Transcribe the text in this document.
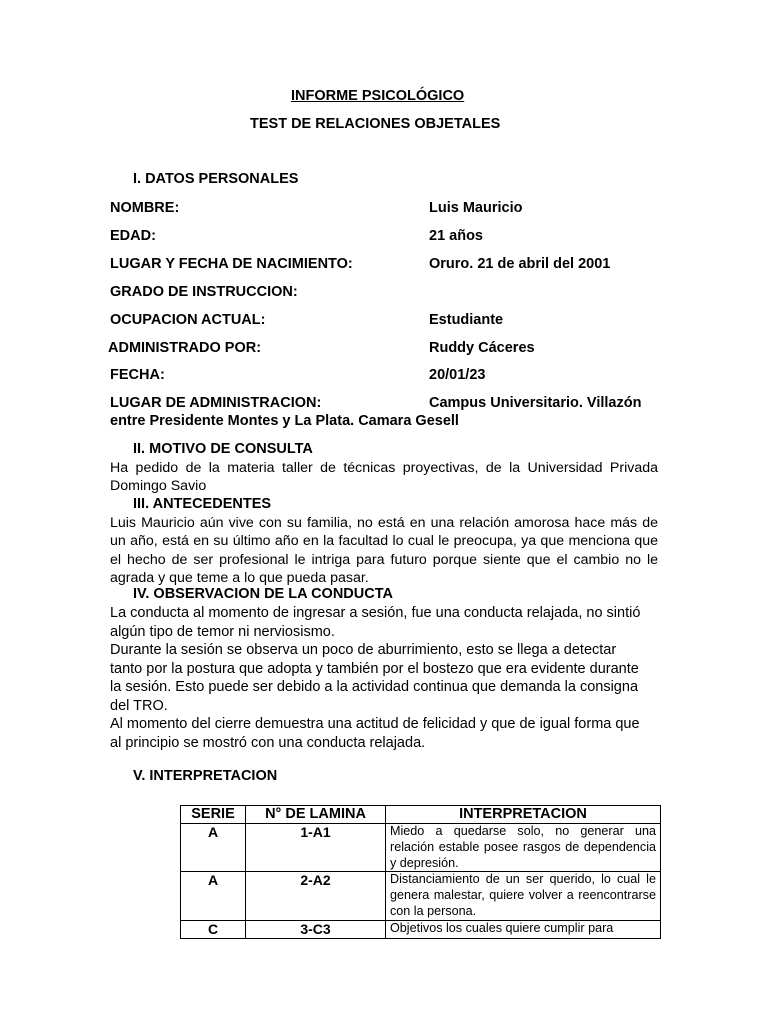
INFORME PSICOLÓGICO
TEST DE RELACIONES OBJETALES
I. DATOS PERSONALES
NOMBRE:	Luis Mauricio
EDAD:	21 años
LUGAR Y FECHA DE NACIMIENTO:	Oruro. 21 de abril del 2001
GRADO DE INSTRUCCION:
OCUPACION ACTUAL:	Estudiante
ADMINISTRADO POR:	Ruddy Cáceres
FECHA:	20/01/23
LUGAR DE ADMINISTRACION:	Campus Universitario. Villazón
entre Presidente Montes y La Plata. Camara Gesell
II. MOTIVO DE CONSULTA
Ha pedido de la materia taller de técnicas proyectivas, de la Universidad Privada Domingo Savio
III. ANTECEDENTES
Luis Mauricio aún vive con su familia, no está en una relación amorosa hace más de un año, está en su último año en la facultad lo cual le preocupa, ya que menciona que el hecho de ser profesional le intriga para futuro porque siente que el cambio no le agrada y que teme a lo que pueda pasar.
IV. OBSERVACION DE LA CONDUCTA
La conducta al momento de ingresar a sesión, fue una conducta relajada, no sintió algún tipo de temor ni nerviosismo.
Durante la sesión se observa un poco de aburrimiento, esto se llega a detectar tanto por la postura que adopta y también por el bostezo que era evidente durante la sesión. Esto puede ser debido a la actividad continua que demanda la consigna del TRO.
Al momento del cierre demuestra una actitud de felicidad y que de igual forma que al principio se mostró con una conducta relajada.
V. INTERPRETACION
SERIE	N° DE LAMINA	INTERPRETACION
A	1-A1	Miedo a quedarse solo, no generar una relación estable posee rasgos de dependencia y depresión.
A	2-A2	Distanciamiento de un ser querido, lo cual le genera malestar, quiere volver a reencontrarse con la persona.
C	3-C3	Objetivos los cuales quiere cumplir para
